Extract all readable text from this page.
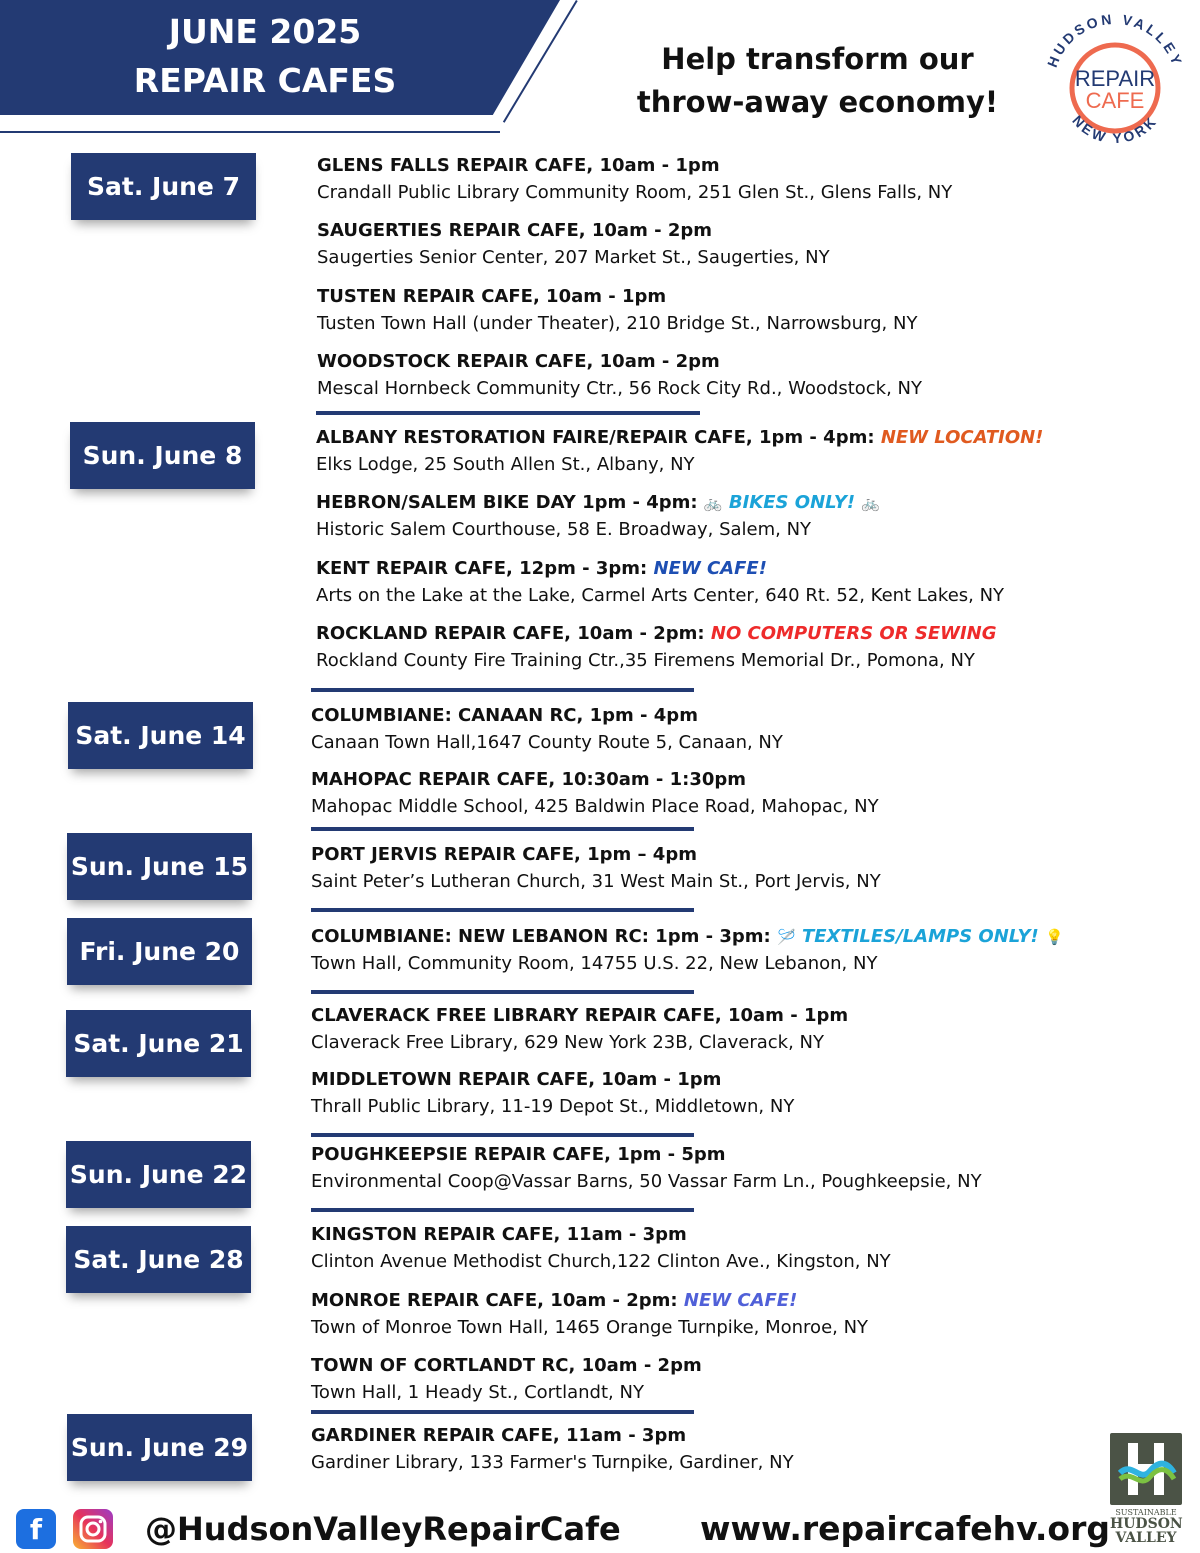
JUNE 2025
REPAIR CAFES
Help transform our
throw-away economy!
HUDSON VALLEY
NEW YORK
REPAIR
CAFE
Sat. June 7
Sun. June 8
Sat. June 14
Sun. June 15
Fri. June 20
Sat. June 21
Sun. June 22
Sat. June 28
Sun. June 29
GLENS FALLS REPAIR CAFE, 10am - 1pm
Crandall Public Library Community Room, 251 Glen St., Glens Falls, NY
SAUGERTIES REPAIR CAFE, 10am - 2pm
Saugerties Senior Center, 207 Market St., Saugerties, NY
TUSTEN REPAIR CAFE, 10am - 1pm
Tusten Town Hall (under Theater), 210 Bridge St., Narrowsburg, NY
WOODSTOCK REPAIR CAFE, 10am - 2pm
Mescal Hornbeck Community Ctr., 56 Rock City Rd., Woodstock, NY
ALBANY RESTORATION FAIRE/REPAIR CAFE, 1pm - 4pm: NEW LOCATION!
Elks Lodge, 25 South Allen St., Albany, NY
HEBRON/SALEM BIKE DAY 1pm - 4pm: 🚲 BIKES ONLY! 🚲
Historic Salem Courthouse, 58 E. Broadway, Salem, NY
KENT REPAIR CAFE, 12pm - 3pm: NEW CAFE!
Arts on the Lake at the Lake, Carmel Arts Center, 640 Rt. 52, Kent Lakes, NY
ROCKLAND REPAIR CAFE, 10am - 2pm: NO COMPUTERS OR SEWING
Rockland County Fire Training Ctr.,35 Firemens Memorial Dr., Pomona, NY
COLUMBIANE: CANAAN RC, 1pm - 4pm
Canaan Town Hall,1647 County Route 5, Canaan, NY
MAHOPAC REPAIR CAFE, 10:30am - 1:30pm
Mahopac Middle School, 425 Baldwin Place Road, Mahopac, NY
PORT JERVIS REPAIR CAFE, 1pm – 4pm
Saint Peter’s Lutheran Church, 31 West Main St., Port Jervis, NY
COLUMBIANE: NEW LEBANON RC: 1pm - 3pm: 🪡 TEXTILES/LAMPS ONLY! 💡
Town Hall, Community Room, 14755 U.S. 22, New Lebanon, NY
CLAVERACK FREE LIBRARY REPAIR CAFE, 10am - 1pm
Claverack Free Library, 629 New York 23B, Claverack, NY
MIDDLETOWN REPAIR CAFE, 10am - 1pm
Thrall Public Library, 11-19 Depot St., Middletown, NY
POUGHKEEPSIE REPAIR CAFE, 1pm - 5pm
Environmental Coop@Vassar Barns, 50 Vassar Farm Ln., Poughkeepsie, NY
KINGSTON REPAIR CAFE, 11am - 3pm
Clinton Avenue Methodist Church,122 Clinton Ave., Kingston, NY
MONROE REPAIR CAFE, 10am - 2pm: NEW CAFE!
Town of Monroe Town Hall, 1465 Orange Turnpike, Monroe, NY
TOWN OF CORTLANDT RC, 10am - 2pm
Town Hall, 1 Heady St., Cortlandt, NY
GARDINER REPAIR CAFE, 11am - 3pm
Gardiner Library, 133 Farmer's Turnpike, Gardiner, NY
f	@HudsonValleyRepairCafe www.repaircafehv.org SUSTAINABLE
HUDSON
VALLEY
